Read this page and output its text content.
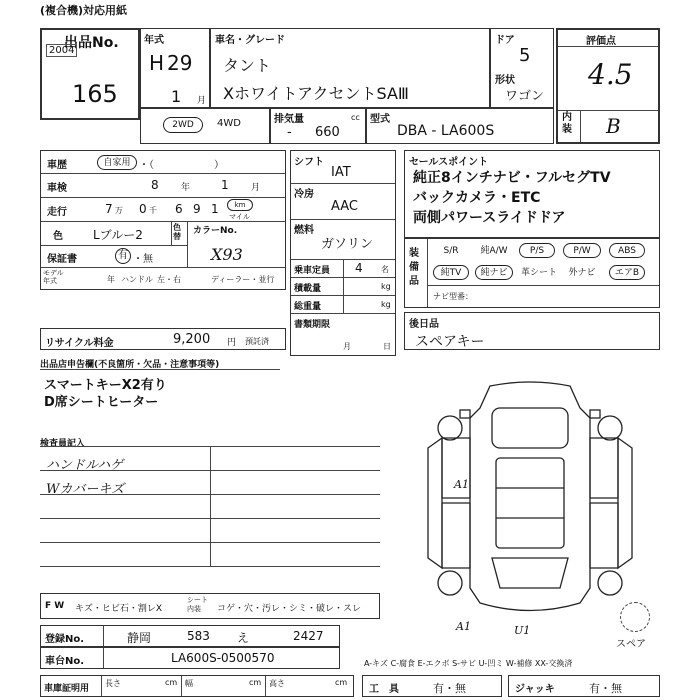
(複合機)対応用紙
出品No.
2004
165
年式
H 29
1 月
車名・グレード
タント
XホワイトアクセントSAⅢ
ドア
5
形状
ワゴン
評価点
4.5
内装 B
2WD	4WD	排気量	cc
- 660
型式
DBA - LA600S
車歴	自家用 ・（　　　　　　）
車検	8 年	1 月
走行	7 万 0 千 6 9 1	km
マイル
色	Lブルー2
色替
カラーNo.
X93
保証書	有 ・無
モデル年式	年 ハンドル 左・右	ディーラー・並行
リサイクル料金	9,200 円 預託済
シフト
IAT
冷房
AAC
燃料
ガソリン
乗車定員 4 名
積載量	kg
総重量	kg
書類期限
月	日
セールスポイント
純正8インチナビ・フルセグTV
バックカメラ・ETC
両側パワースライドドア
装備品
S/R	純A/W	P/S	P/W	ABS
純TV	純ナビ	革シート	外ナビ	エアB
ナビ型番：
後日品
スペアキー
出品店申告欄(不良箇所・欠品・注意事項等)
スマートキーX2有り
D席シートヒーター
検査員記入
ハンドルハゲ
Wカバーキズ	A1
A1	U1
スペア
F W キズ・ヒビ石・割レX
シート内装	コゲ・穴・汚レ・シミ・破レ・スレ
登録No.	静岡	583 え	2427
車台No.	LA600S-0500570	A-キズ C-腐食 E-エクボ S-サビ U-凹ミ W-補修 XX-交換済
車庫証明用
長さ	cm 幅	cm 高さ	cm
工　具	有・無	ジャッキ	有・無
